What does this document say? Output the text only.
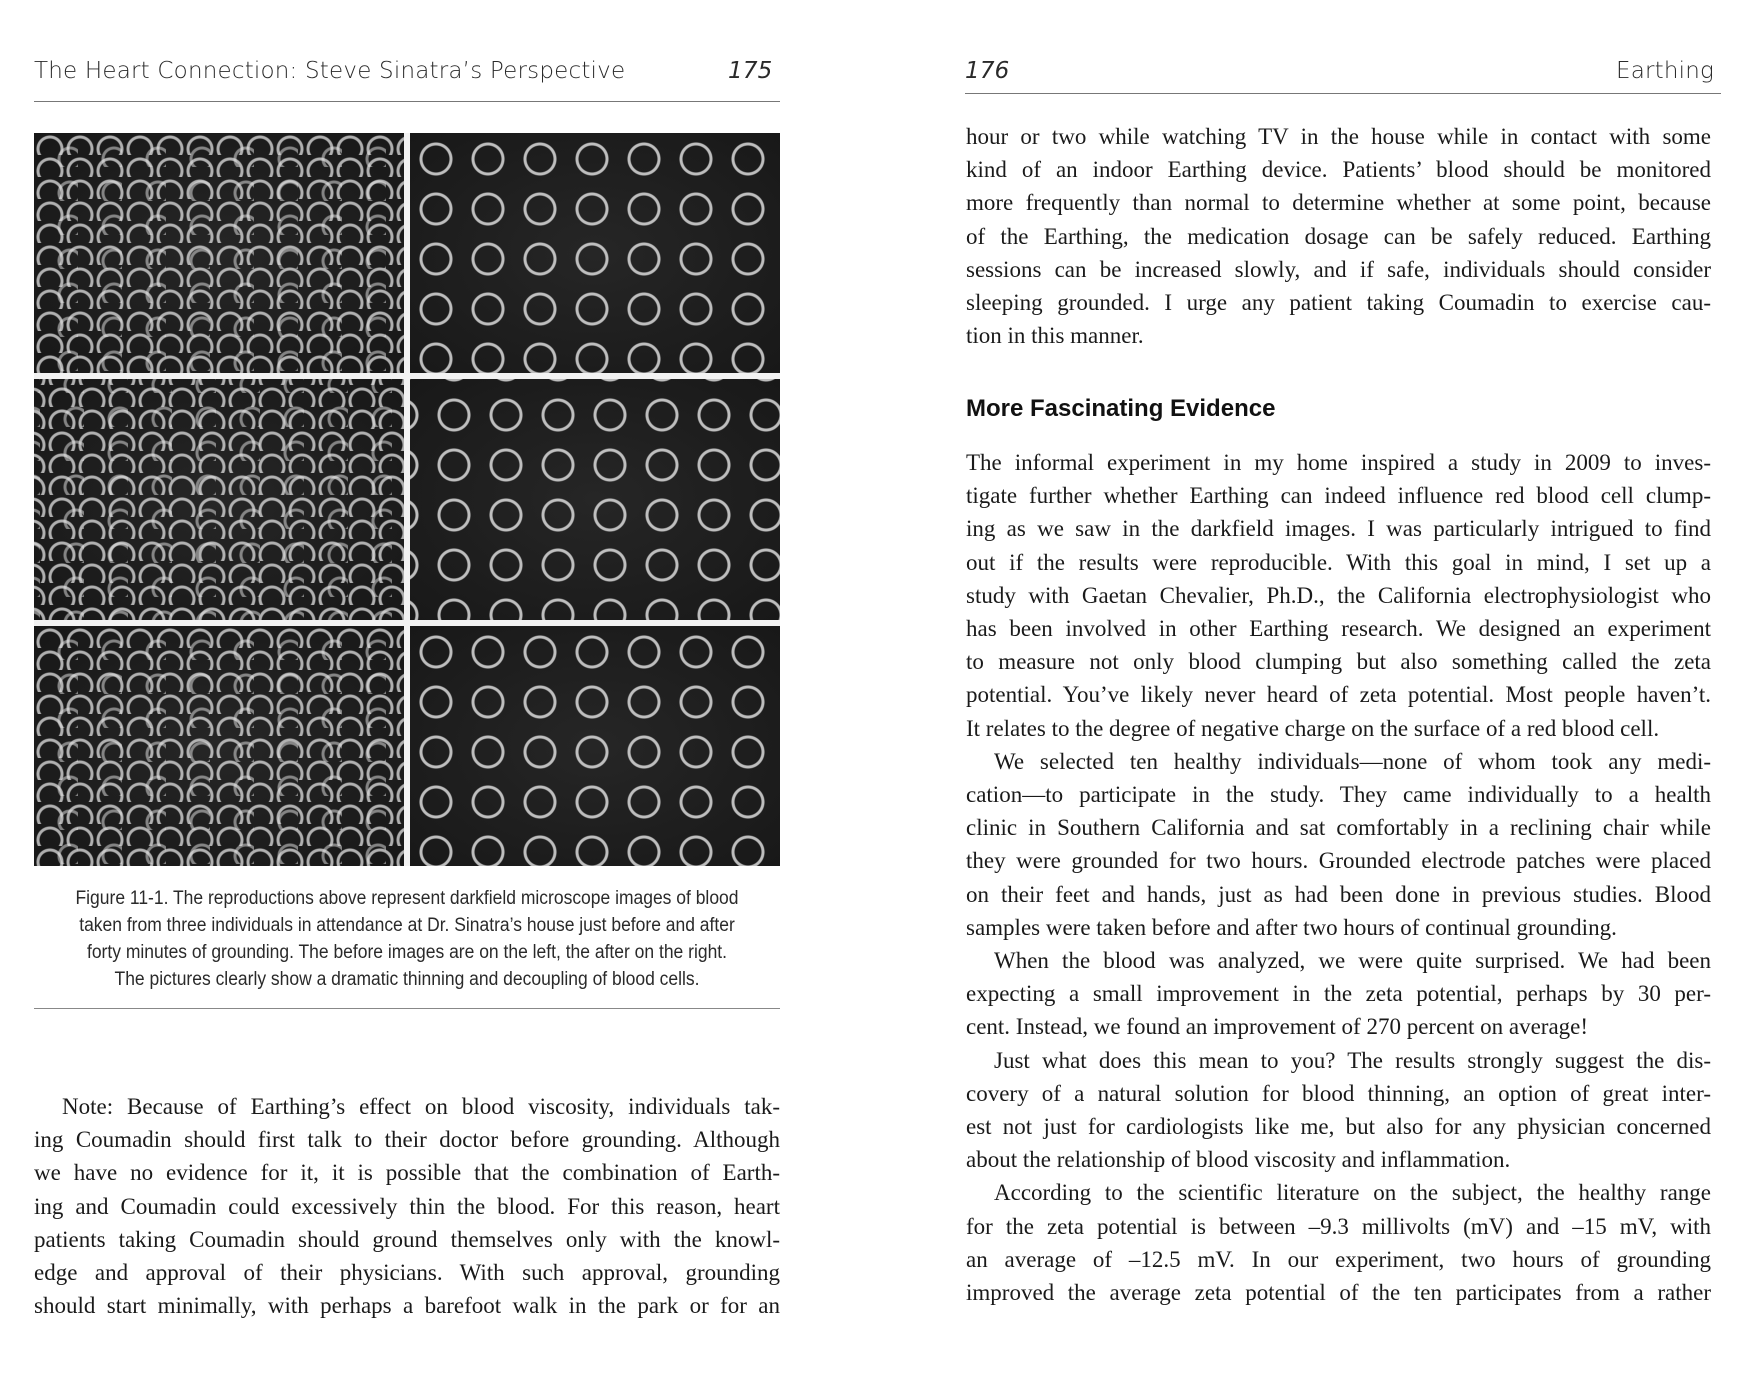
The Heart Connection: Steve Sinatra’s Perspective	175
Figure 11-1. The reproductions above represent darkfield microscope images of blood
taken from three individuals in attendance at Dr. Sinatra’s house just before and after
forty minutes of grounding. The before images are on the left, the after on the right.
The pictures clearly show a dramatic thinning and decoupling of blood cells.
Note: Because of Earthing’s effect on blood viscosity, individuals tak-
ing Coumadin should first talk to their doctor before grounding. Although
we have no evidence for it, it is possible that the combination of Earth-
ing and Coumadin could excessively thin the blood. For this reason, heart
patients taking Coumadin should ground themselves only with the knowl-
edge and approval of their physicians. With such approval, grounding
should start minimally, with perhaps a barefoot walk in the park or for an
176	Earthing
hour or two while watching TV in the house while in contact with some
kind of an indoor Earthing device. Patients’ blood should be monitored
more frequently than normal to determine whether at some point, because
of the Earthing, the medication dosage can be safely reduced. Earthing
sessions can be increased slowly, and if safe, individuals should consider
sleeping grounded. I urge any patient taking Coumadin to exercise cau-
tion in this manner.
More Fascinating Evidence
The informal experiment in my home inspired a study in 2009 to inves-
tigate further whether Earthing can indeed influence red blood cell clump-
ing as we saw in the darkfield images. I was particularly intrigued to find
out if the results were reproducible. With this goal in mind, I set up a
study with Gaetan Chevalier, Ph.D., the California electrophysiologist who
has been involved in other Earthing research. We designed an experiment
to measure not only blood clumping but also something called the zeta
potential. You’ve likely never heard of zeta potential. Most people haven’t.
It relates to the degree of negative charge on the surface of a red blood cell.
We selected ten healthy individuals—none of whom took any medi-
cation—to participate in the study. They came individually to a health
clinic in Southern California and sat comfortably in a reclining chair while
they were grounded for two hours. Grounded electrode patches were placed
on their feet and hands, just as had been done in previous studies. Blood
samples were taken before and after two hours of continual grounding.
When the blood was analyzed, we were quite surprised. We had been
expecting a small improvement in the zeta potential, perhaps by 30 per-
cent. Instead, we found an improvement of 270 percent on average!
Just what does this mean to you? The results strongly suggest the dis-
covery of a natural solution for blood thinning, an option of great inter-
est not just for cardiologists like me, but also for any physician concerned
about the relationship of blood viscosity and inflammation.
According to the scientific literature on the subject, the healthy range
for the zeta potential is between –9.3 millivolts (mV) and –15 mV, with
an average of –12.5 mV. In our experiment, two hours of grounding
improved the average zeta potential of the ten participates from a rather
